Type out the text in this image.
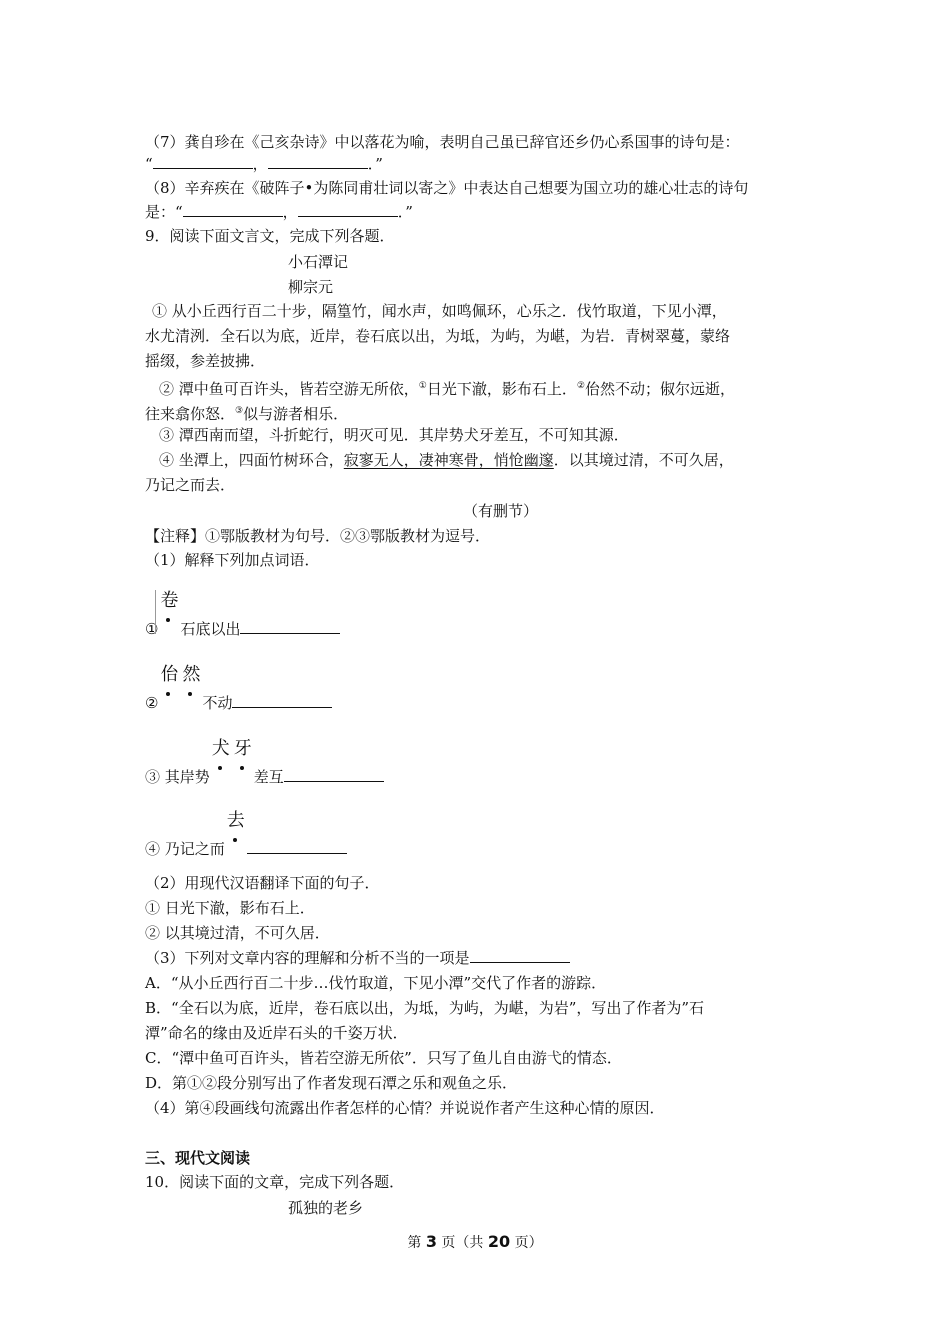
（7）龚自珍在《己亥杂诗》中以落花为喻，表明自己虽已辞官还乡仍心系国事的诗句是：
“	，	．”
（8）辛弃疾在《破阵子•为陈同甫壮词以寄之》中表达自己想要为国立功的雄心壮志的诗句
是：“	，	．”
9．阅读下面文言文，完成下列各题．
小石潭记
柳宗元
① 从小丘西行百二十步，隔篁竹，闻水声，如鸣佩环，心乐之．伐竹取道，下见小潭，
水尤清洌．全石以为底，近岸，卷石底以出，为坻，为屿，为嵁，为岩．青树翠蔓，蒙络
摇缀，参差披拂．
② 潭中鱼可百许头，皆若空游无所依，①日光下澈，影布石上．②佁然不动；俶尔远逝，
往来翕你怒．③似与游者相乐．
③ 潭西南而望，斗折蛇行，明灭可见．其岸势犬牙差互，不可知其源．
④ 坐潭上，四面竹树环合，寂寥无人，凄神寒骨，悄怆幽邃．以其境过清，不可久居，
乃记之而去．
（有删节）
【注释】①鄂版教材为句号．②③鄂版教材为逗号．
（1）解释下列加点词语．
①
卷
石底以出
②
佁 然
不动
③ 其岸势
犬 牙
差互
④ 乃记之而
去
（2）用现代汉语翻译下面的句子．
① 日光下澈，影布石上．
② 以其境过清，不可久居．
（3）下列对文章内容的理解和分析不当的一项是
A．“从小丘西行百二十步…伐竹取道，下见小潭”交代了作者的游踪．
B．“全石以为底，近岸，卷石底以出，为坻，为屿，为嵁，为岩”，写出了作者为”石
潭”命名的缘由及近岸石头的千姿万状．
C．“潭中鱼可百许头，皆若空游无所依”．只写了鱼儿自由游弋的情态．
D．第①②段分别写出了作者发现石潭之乐和观鱼之乐．
（4）第④段画线句流露出作者怎样的心情？并说说作者产生这种心情的原因．
三、现代文阅读
10．阅读下面的文章，完成下列各题．
孤独的老乡
第 3 页（共 20 页）
